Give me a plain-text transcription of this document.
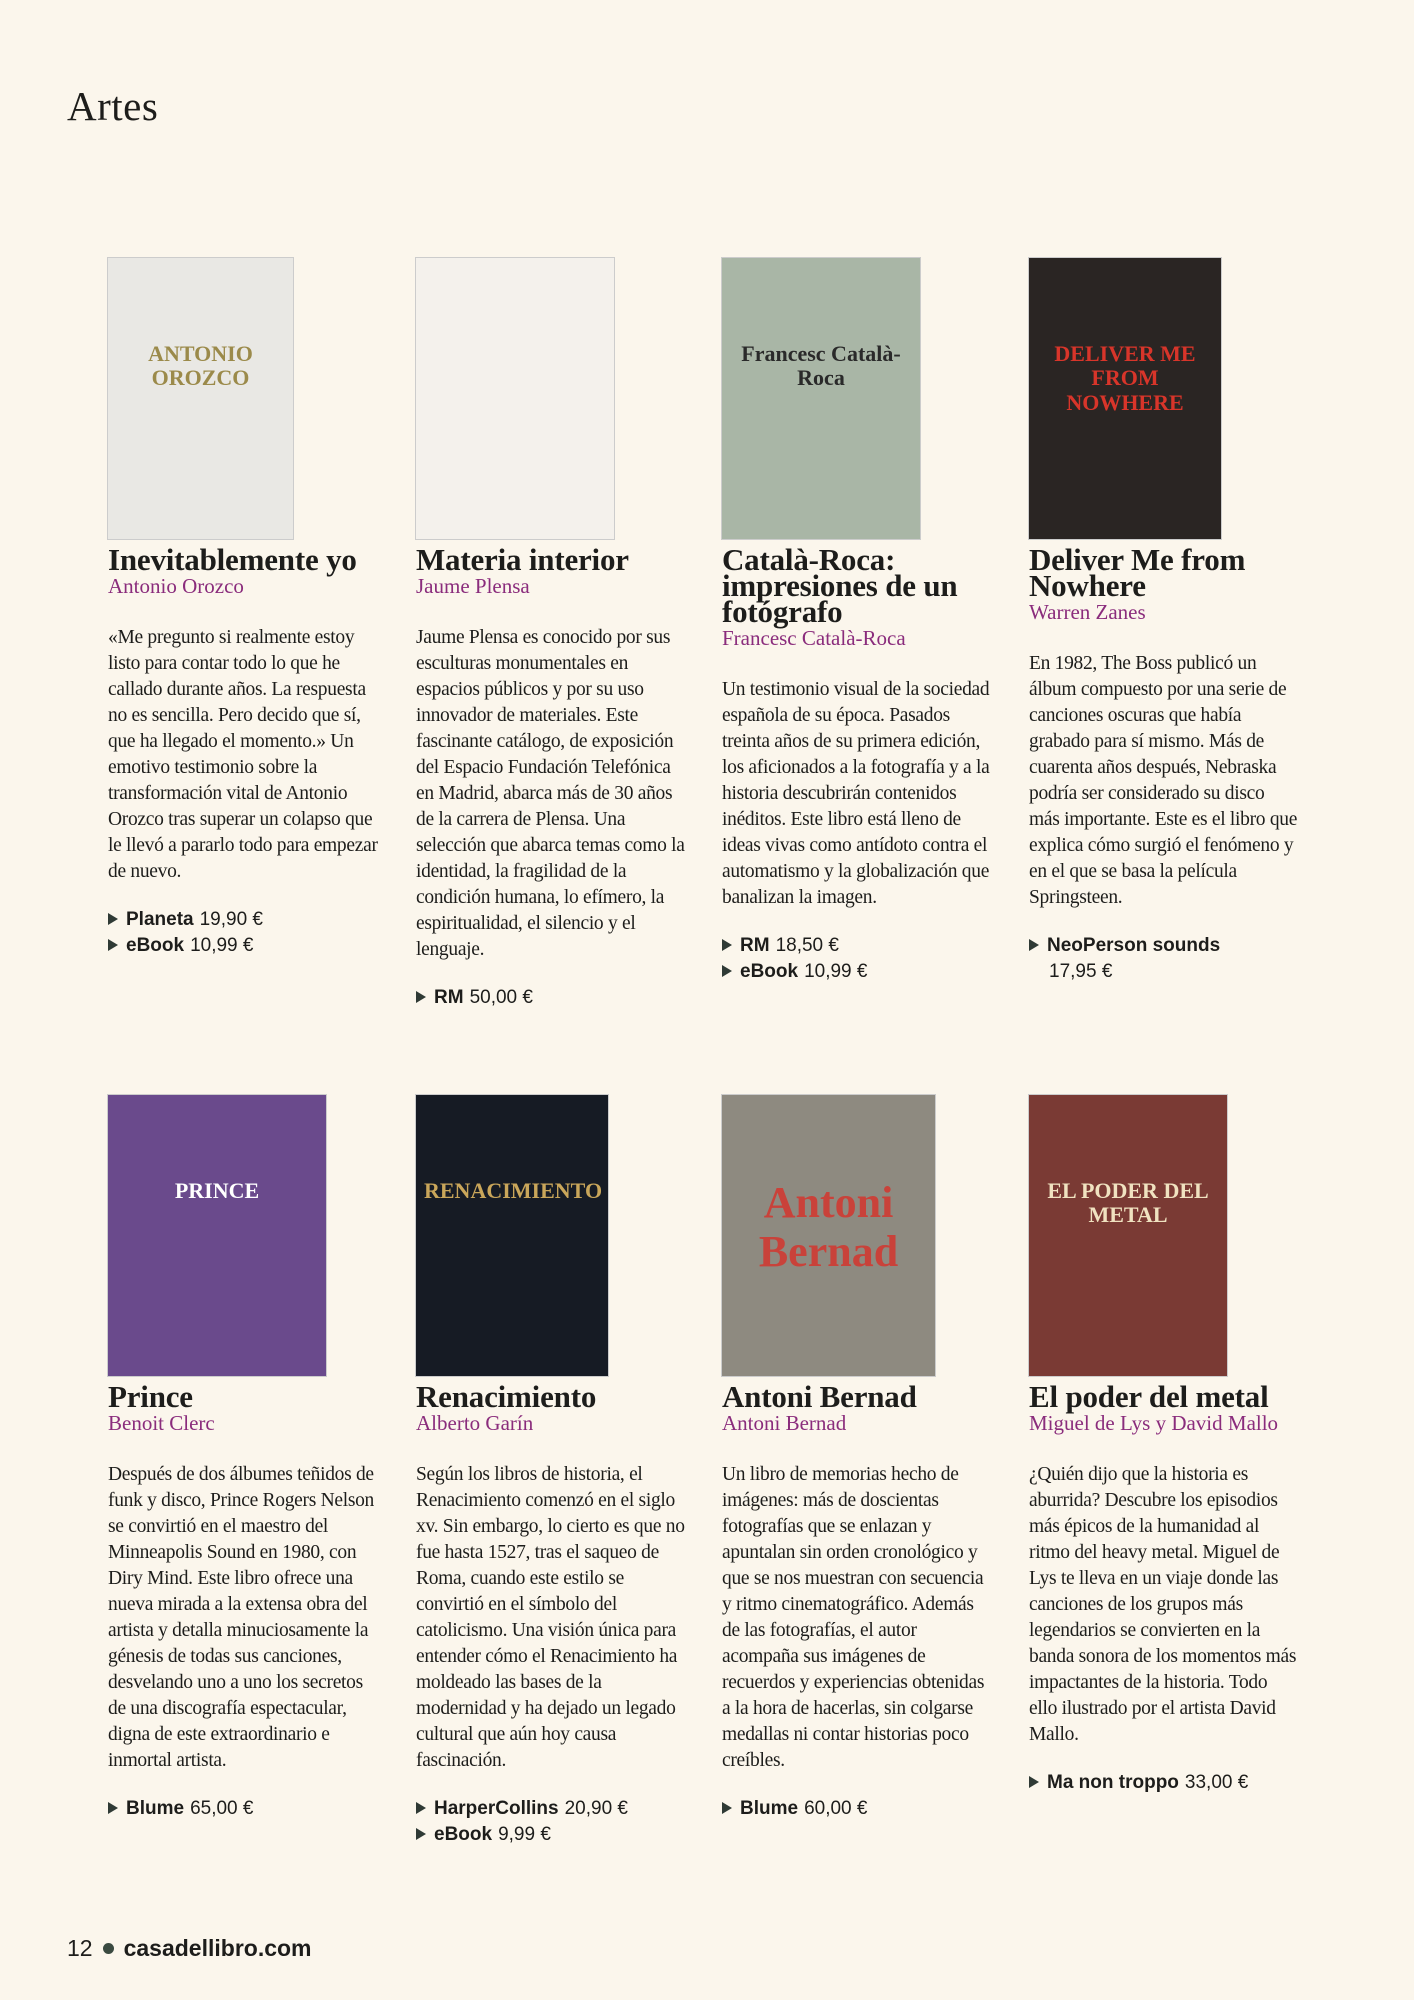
Artes
ANTONIO OROZCO
Inevitablemente yo

Antonio Orozco

«Me pregunto si realmente estoy listo para contar todo lo que he callado durante años. La respuesta no es sencilla. Pero decido que sí, que ha llegado el momento.» Un emotivo testimonio sobre la transformación vital de Antonio Orozco tras superar un colapso que le llevó a pararlo todo para empezar de nuevo.

Planeta 19,90 €
eBook 10,99 €
Materia interior

Jaume Plensa

Jaume Plensa es conocido por sus esculturas monumentales en espacios públicos y por su uso innovador de materiales. Este fascinante catálogo, de exposición del Espacio Fundación Telefónica en Madrid, abarca más de 30 años de la carrera de Plensa. Una selección que abarca temas como la identidad, la fragilidad de la condición humana, lo efímero, la espiritualidad, el silencio y el lenguaje.

RM 50,00 €
Francesc Català-Roca
Català-Roca: impresiones de un fotógrafo

Francesc Català-Roca

Un testimonio visual de la sociedad española de su época. Pasados treinta años de su primera edición, los aficionados a la fotografía y a la historia descubrirán contenidos inéditos. Este libro está lleno de ideas vivas como antídoto contra el automatismo y la globalización que banalizan la imagen.

RM 18,50 €
eBook 10,99 €
DELIVER ME FROM NOWHERE
Deliver Me from Nowhere

Warren Zanes

En 1982, The Boss publicó un álbum compuesto por una serie de canciones oscuras que había grabado para sí mismo. Más de cuarenta años después, Nebraska podría ser considerado su disco más importante. Este es el libro que explica cómo surgió el fenómeno y en el que se basa la película Springsteen.

NeoPerson sounds
17,95 €
PRINCE
Prince

Benoit Clerc

Después de dos álbumes teñidos de funk y disco, Prince Rogers Nelson se convirtió en el maestro del Minneapolis Sound en 1980, con Diry Mind. Este libro ofrece una nueva mirada a la extensa obra del artista y detalla minuciosamente la génesis de todas sus canciones, desvelando uno a uno los secretos de una discografía espectacular, digna de este extraordinario e inmortal artista.

Blume 65,00 €
RENACIMIENTO
Renacimiento

Alberto Garín

Según los libros de historia, el Renacimiento comenzó en el siglo xv. Sin embargo, lo cierto es que no fue hasta 1527, tras el saqueo de Roma, cuando este estilo se convirtió en el símbolo del catolicismo. Una visión única para entender cómo el Renacimiento ha moldeado las bases de la modernidad y ha dejado un legado cultural que aún hoy causa fascinación.

HarperCollins 20,90 €
eBook 9,99 €
Antoni Bernad
Antoni Bernad

Antoni Bernad

Un libro de memorias hecho de imágenes: más de doscientas fotografías que se enlazan y apuntalan sin orden cronológico y que se nos muestran con secuencia y ritmo cinematográfico. Además de las fotografías, el autor acompaña sus imágenes de recuerdos y experiencias obtenidas a la hora de hacerlas, sin colgarse medallas ni contar historias poco creíbles.

Blume 60,00 €
EL PODER DEL METAL
El poder del metal

Miguel de Lys y David Mallo

¿Quién dijo que la historia es aburrida? Descubre los episodios más épicos de la humanidad al ritmo del heavy metal. Miguel de Lys te lleva en un viaje donde las canciones de los grupos más legendarios se convierten en la banda sonora de los momentos más impactantes de la historia. Todo ello ilustrado por el artista David Mallo.

Ma non troppo 33,00 €
12 casadellibro.com
